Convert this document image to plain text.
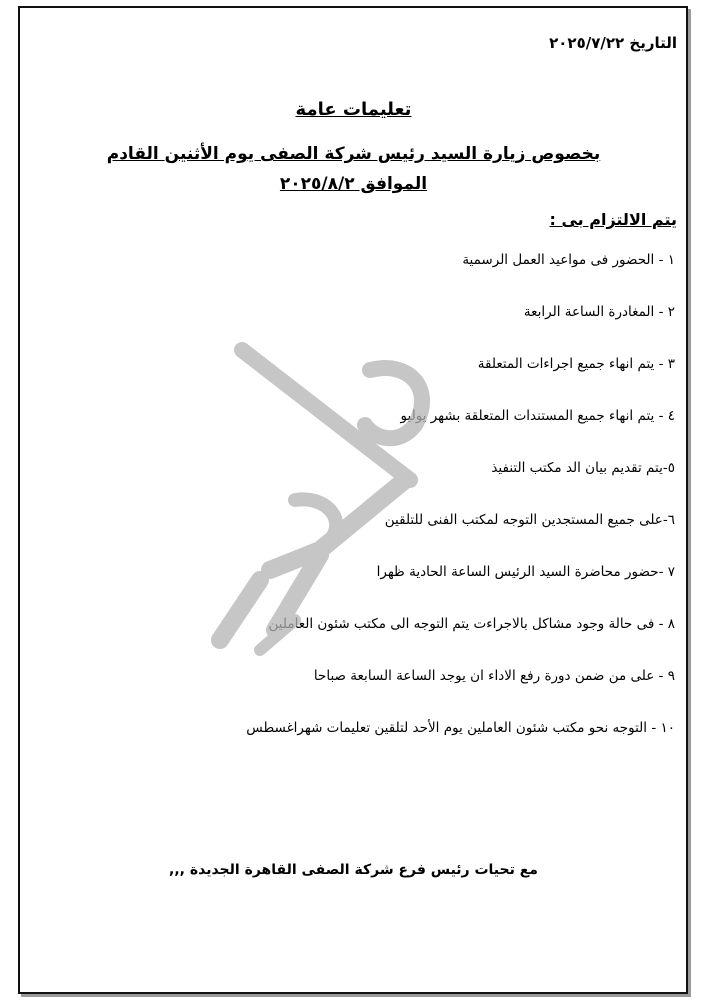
التاريخ ٢٠٢٥/٧/٢٢
تعليمات عامة
بخصوص زيارة السيد رئيس شركة الصفى يوم الأثنين القادم
الموافق ٢٠٢٥/٨/٢
يتم الالتزام بى :
١ - الحضور فى مواعيد العمل الرسمية
٢ - المغادرة الساعة الرابعة
٣ - يتم انهاء جميع اجراءات المتعلقة
٤ - يتم انهاء جميع المستندات المتعلقة بشهر يوليو
٥-يتم تقديم بيان الد مكتب التنفيذ
٦-على جميع المستجدين التوجه لمكتب الفنى للتلقين
٧ -حضور محاضرة السيد الرئيس الساعة الحادية ظهرا
٨ - فى حالة وجود مشاكل بالاجراءت يتم التوجه الى مكتب شئون العاملين
٩ - على من ضمن دورة رفع الاداء ان يوجد الساعة السابعة صباحا
١٠ - التوجه نحو مكتب شئون العاملين يوم الأحد لتلقين تعليمات شهراغسطس
مع تحيات رئيس فرع شركة الصفى القاهرة الجديدة ,,,
